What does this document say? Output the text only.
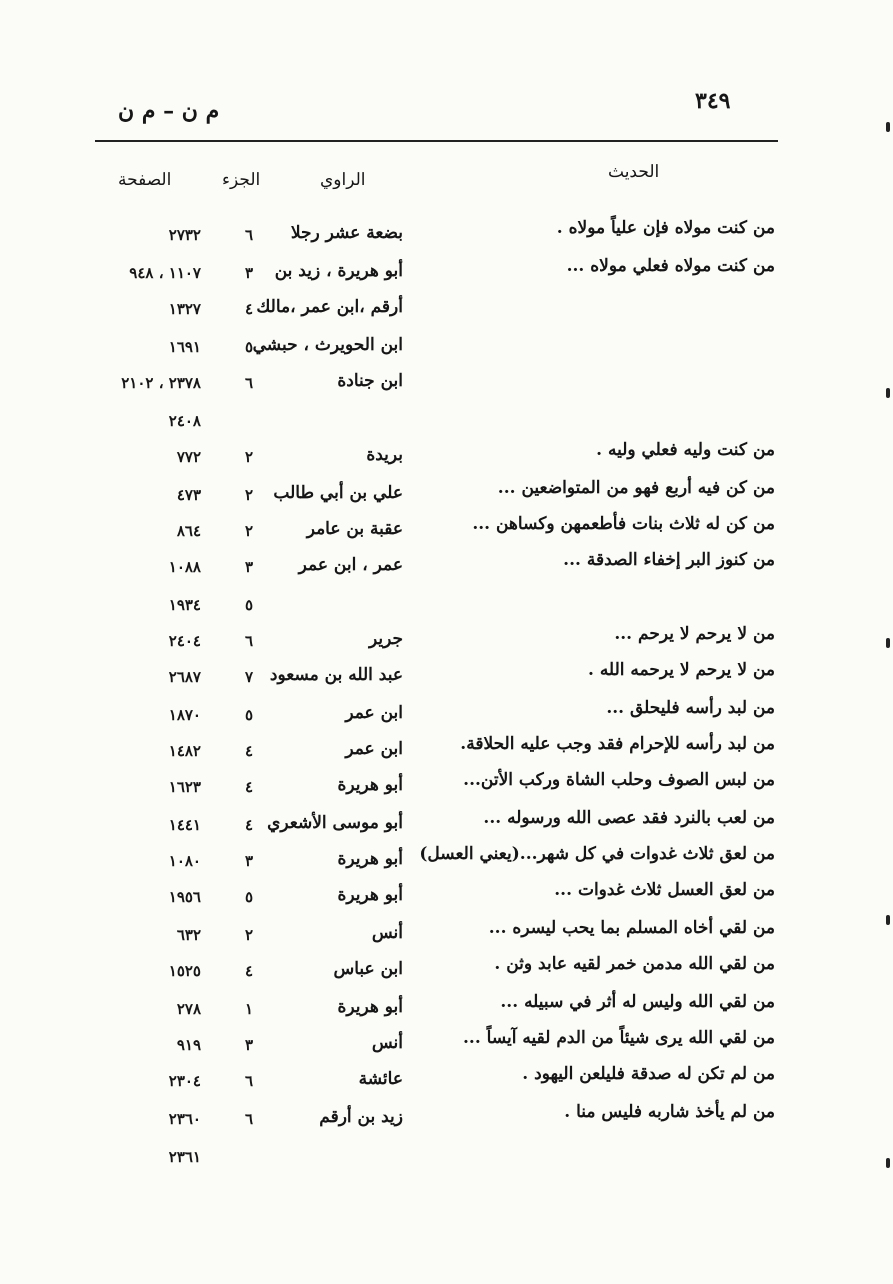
٣٤٩
م ن – م ن
الحديث
الراوي
الجزء
الصفحة
من كنت مولاه فإن علياً مولاه .
بضعة عشر رجلا
٦
٢٧٣٢
من كنت مولاه فعلي مولاه ...
أبو هريرة ، زيد بن
٣
١١٠٧ ، ٩٤٨
أرقم ،ابن عمر ،مالك
٤
١٣٢٧
ابن الحويرث ، حبشي
٥
١٦٩١
ابن جنادة
٦
٢٣٧٨ ، ٢١٠٢
٢٤٠٨
من كنت وليه فعلي وليه .
بريدة
٢
٧٧٢
من كن فيه أربع فهو من المتواضعين ...
علي بن أبي طالب
٢
٤٧٣
من كن له ثلاث بنات فأطعمهن وكساهن ...
عقبة بن عامر
٢
٨٦٤
من كنوز البر إخفاء الصدقة ...
عمر ، ابن عمر
٣
١٠٨٨
٥
١٩٣٤
من لا يرحم لا يرحم ...
جرير
٦
٢٤٠٤
من لا يرحم لا يرحمه الله .
عبد الله بن مسعود
٧
٢٦٨٧
من لبد رأسه فليحلق ...
ابن عمر
٥
١٨٧٠
من لبد رأسه للإحرام فقد وجب عليه الحلاقة.
ابن عمر
٤
١٤٨٢
من لبس الصوف وحلب الشاة وركب الأتن...
أبو هريرة
٤
١٦٢٣
من لعب بالنرد فقد عصى الله ورسوله ...
أبو موسى الأشعري
٤
١٤٤١
من لعق ثلاث غدوات في كل شهر...(يعني العسل)
أبو هريرة
٣
١٠٨٠
من لعق العسل ثلاث غدوات ...
أبو هريرة
٥
١٩٥٦
من لقي أخاه المسلم بما يحب ليسره ...
أنس
٢
٦٣٢
من لقي الله مدمن خمر لقيه عابد وثن .
ابن عباس
٤
١٥٢٥
من لقي الله وليس له أثر في سبيله ...
أبو هريرة
١
٢٧٨
من لقي الله يرى شيئاً من الدم لقيه آيساً ...
أنس
٣
٩١٩
من لم تكن له صدقة فليلعن اليهود .
عائشة
٦
٢٣٠٤
من لم يأخذ شاربه فليس منا .
زيد بن أرقم
٦
٢٣٦٠
٢٣٦١
